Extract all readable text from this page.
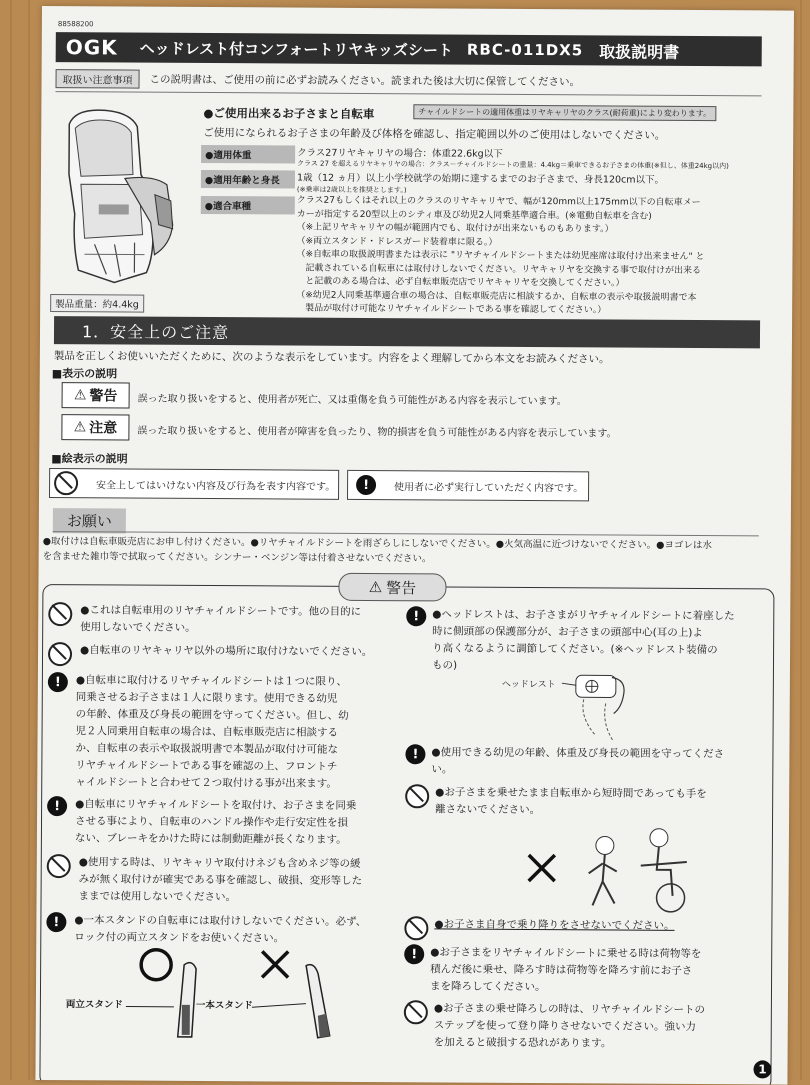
88588200
OGK ヘッドレスト付コンフォートリヤキッズシート RBC-011DX5 取扱説明書
取扱い注意事項	この説明書は、ご使用の前に必ずお読みください。読まれた後は大切に保管してください。
製品重量：約4.4kg
●ご使用出来るお子さまと自転車	チャイルドシートの適用体重はリヤキャリヤのクラス(耐荷重)により変わります。
ご使用になられるお子さまの年齢及び体格を確認し、指定範囲以外のご使用はしないでください。
●適用体重	クラス27リヤキャリヤの場合：体重22.6kg以下
クラス 27 を超えるリヤキャリヤの場合：クラス－チャイルドシートの重量：4.4kg＝乗車できるお子さまの体重(※但し、体重24kg以内)
●適用年齢と身長	1歳（12 ヵ月）以上小学校就学の始期に達するまでのお子さまで、身長120cm以下。
(※乗車は2歳以上を推奨とします。)
●適合車種	クラス27もしくはそれ以上のクラスのリヤキャリヤで、幅が120mm以上175mm以下の自転車メー
カーが指定する20型以上のシティ車及び幼児2人同乗基準適合車。(※電動自転車を含む)
（※上記リヤキャリヤの幅が範囲内でも、取付けが出来ないものもあります。）
（※両立スタンド・ドレスガード装着車に限る。）
（※自転車の取扱説明書または表示に "リヤチャイルドシートまたは幼児座席は取付け出来ません" と
　記載されている自転車には取付けしないでください。リヤキャリヤを交換する事で取付けが出来る
　と記載のある場合は、必ず自転車販売店でリヤキャリヤを交換してください。）
（※幼児2人同乗基準適合車の場合は、自転車販売店に相談するか、自転車の表示や取扱説明書で本
　製品が取付け可能なリヤチャイルドシートである事を確認してください。）
1．安全上のご注意
製品を正しくお使いいただくために、次のような表示をしています。内容をよく理解してから本文をお読みください。
■表示の説明
⚠ 警告 誤った取り扱いをすると、使用者が死亡、又は重傷を負う可能性がある内容を表示しています。
⚠ 注意 誤った取り扱いをすると、使用者が障害を負ったり、物的損害を負う可能性がある内容を表示しています。
■絵表示の説明
安全上してはいけない内容及び行為を表す内容です。	!	使用者に必ず実行していただく内容です。
お願い
●取付けは自転車販売店にお申し付けください。●リヤチャイルドシートを雨ざらしにしないでください。●火気高温に近づけないでください。●ヨゴレは水
を含ませた雑巾等で拭取ってください。シンナー・ベンジン等は付着させないでください。
⚠ 警告
●これは自転車用のリヤチャイルドシートです。他の目的に
使用しないでください。
●自転車のリヤキャリヤ以外の場所に取付けないでください。
!	●自転車に取付けるリヤチャイルドシートは１つに限り、
同乗させるお子さまは１人に限ります。使用できる幼児
の年齢、体重及び身長の範囲を守ってください。但し、幼
児２人同乗用自転車の場合は、自転車販売店に相談する
か、自転車の表示や取扱説明書で本製品が取付け可能な
リヤチャイルドシートである事を確認の上、フロントチ
ャイルドシートと合わせて２つ取付ける事が出来ます。
!	●自転車にリヤチャイルドシートを取付け、お子さまを同乗
させる事により、自転車のハンドル操作や走行安定性を損
ない、ブレーキをかけた時には制動距離が長くなります。
●使用する時は、リヤキャリヤ取付けネジも含めネジ等の緩
みが無く取付けが確実である事を確認し、破損、変形等した
ままでは使用しないでください。
!	●一本スタンドの自転車には取付けしないでください。必ず、
ロック付の両立スタンドをお使いください。
両立スタンド	一本スタンド
!	●ヘッドレストは、お子さまがリヤチャイルドシートに着座した
時に側頭部の保護部分が、お子さまの頭部中心(耳の上)よ
り高くなるように調節してください。(※ヘッドレスト装備の
もの)
ヘッドレスト
!	●使用できる幼児の年齢、体重及び身長の範囲を守ってくださ
い。
●お子さまを乗せたまま自転車から短時間であっても手を
離さないでください。
●お子さま自身で乗り降りをさせないでください。
!	●お子さまをリヤチャイルドシートに乗せる時は荷物等を
積んだ後に乗せ、降ろす時は荷物等を降ろす前にお子さ
まを降ろしてください。
●お子さまの乗せ降ろしの時は、リヤチャイルドシートの
ステップを使って登り降りさせないでください。強い力
を加えると破損する恐れがあります。
1
